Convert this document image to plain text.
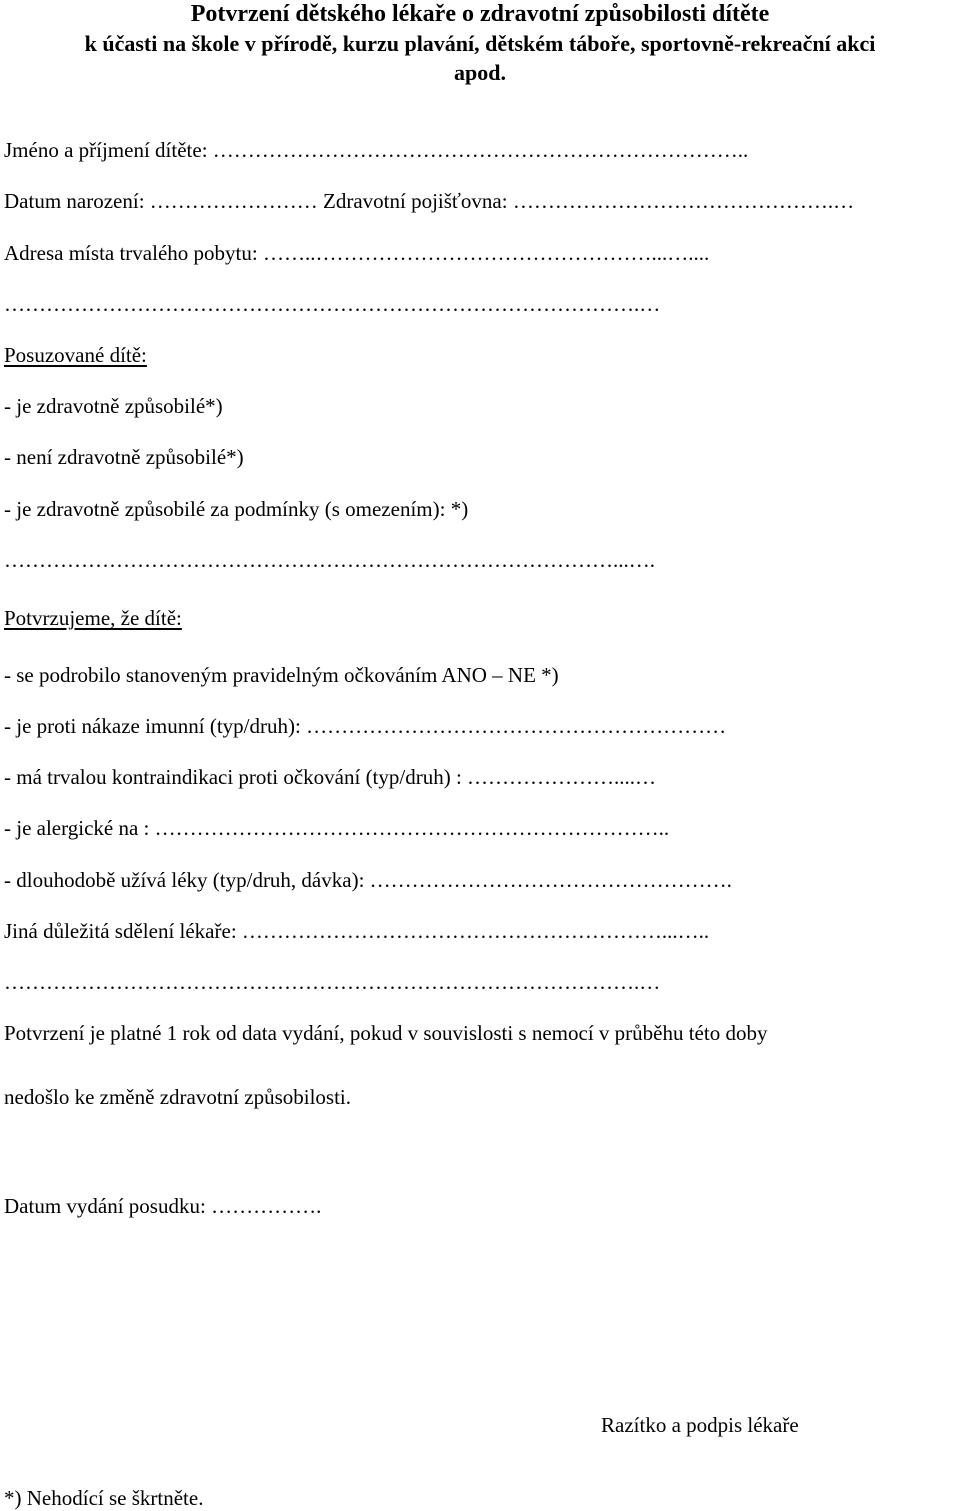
Potvrzení dětského lékaře o zdravotní způsobilosti dítěte
k účasti na škole v přírodě, kurzu plavání, dětském táboře, sportovně-rekreační akci
apod.
Jméno a příjmení dítěte: …………………………………………………………………..
Datum narození: …………………… Zdravotní pojišťovna: ……………………………………….…
Adresa místa trvalého pobytu: ……..…………………………………………...…....
……………………………………………………………………………….…
Posuzované dítě:
- je zdravotně způsobilé*)
- není zdravotně způsobilé*)
- je zdravotně způsobilé za podmínky (s omezením): *)
……………………………………………………………………………...….
Potvrzujeme, že dítě:
- se podrobilo stanoveným pravidelným očkováním ANO – NE *)
- je proti nákaze imunní (typ/druh): ……………………………………………………
- má trvalou kontraindikaci proti očkování (typ/druh) : …………………....…
- je alergické na : ………………………………………………………………..
- dlouhodobě užívá léky (typ/druh, dávka): …………………………………………….
Jiná důležitá sdělení lékaře: ……………………………………………………...…..
……………………………………………………………………………….…
Potvrzení je platné 1 rok od data vydání, pokud v souvislosti s nemocí v průběhu této doby
nedošlo ke změně zdravotní způsobilosti.
Datum vydání posudku: …………….
Razítko a podpis lékaře
*) Nehodící se škrtněte.
